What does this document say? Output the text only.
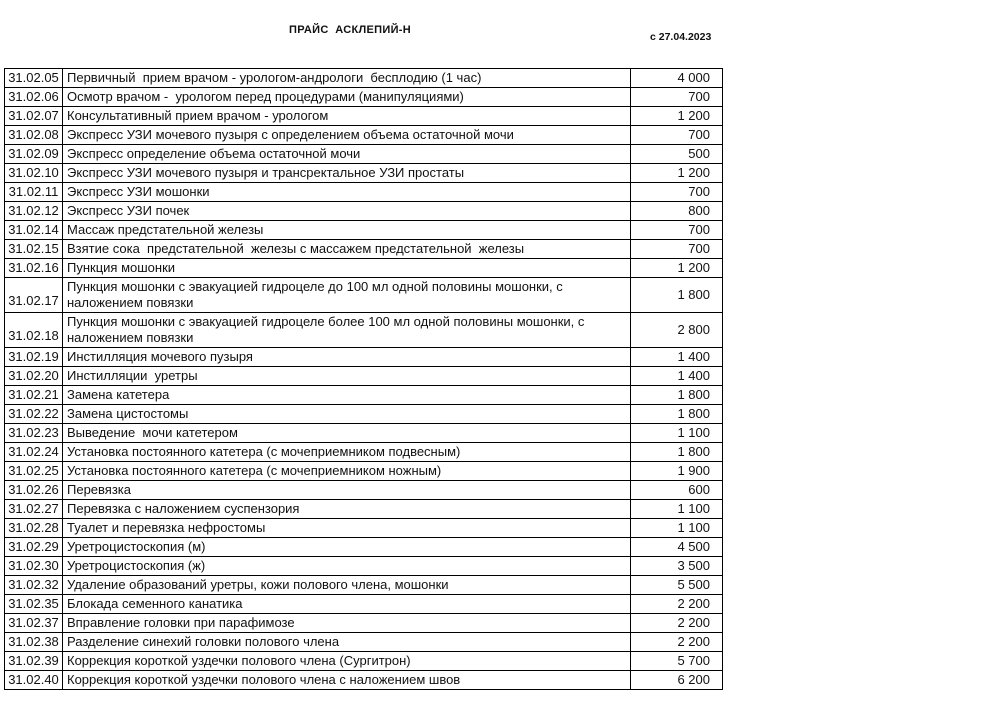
ПРАЙС  АСКЛЕПИЙ-Н
с 27.04.2023
31.02.05	Первичный  прием врачом - урологом-андрологи  бесплодию (1 час)	4 000
31.02.06	Осмотр врачом -  урологом перед процедурами (манипуляциями)	700
31.02.07	Консультативный прием врачом - урологом	1 200
31.02.08	Экспресс УЗИ мочевого пузыря с определением объема остаточной мочи	700
31.02.09	Экспресс определение объема остаточной мочи	500
31.02.10	Экспресс УЗИ мочевого пузыря и трансректальное УЗИ простаты	1 200
31.02.11	Экспресс УЗИ мошонки	700
31.02.12	Экспресс УЗИ почек	800
31.02.14	Массаж предстательной железы	700
31.02.15	Взятие сока  предстательной  железы с массажем предстательной  железы	700
31.02.16	Пункция мошонки	1 200
31.02.17	Пункция мошонки с эвакуацией гидроцеле до 100 мл одной половины мошонки, с наложением повязки	1 800
31.02.18	Пункция мошонки с эвакуацией гидроцеле более 100 мл одной половины мошонки, с наложением повязки	2 800
31.02.19	Инстилляция мочевого пузыря	1 400
31.02.20	Инстилляции  уретры	1 400
31.02.21	Замена катетера	1 800
31.02.22	Замена цистостомы	1 800
31.02.23	Выведение  мочи катетером	1 100
31.02.24	Установка постоянного катетера (с мочеприемником подвесным)	1 800
31.02.25	Установка постоянного катетера (с мочеприемником ножным)	1 900
31.02.26	Перевязка	600
31.02.27	Перевязка с наложением суспензория	1 100
31.02.28	Туалет и перевязка нефростомы	1 100
31.02.29	Уретроцистоскопия (м)	4 500
31.02.30	Уретроцистоскопия (ж)	3 500
31.02.32	Удаление образований уретры, кожи полового члена, мошонки	5 500
31.02.35	Блокада семенного канатика	2 200
31.02.37	Вправление головки при парафимозе	2 200
31.02.38	Разделение синехий головки полового члена	2 200
31.02.39	Коррекция короткой уздечки полового члена (Сургитрон)	5 700
31.02.40	Коррекция короткой уздечки полового члена с наложением швов	6 200
